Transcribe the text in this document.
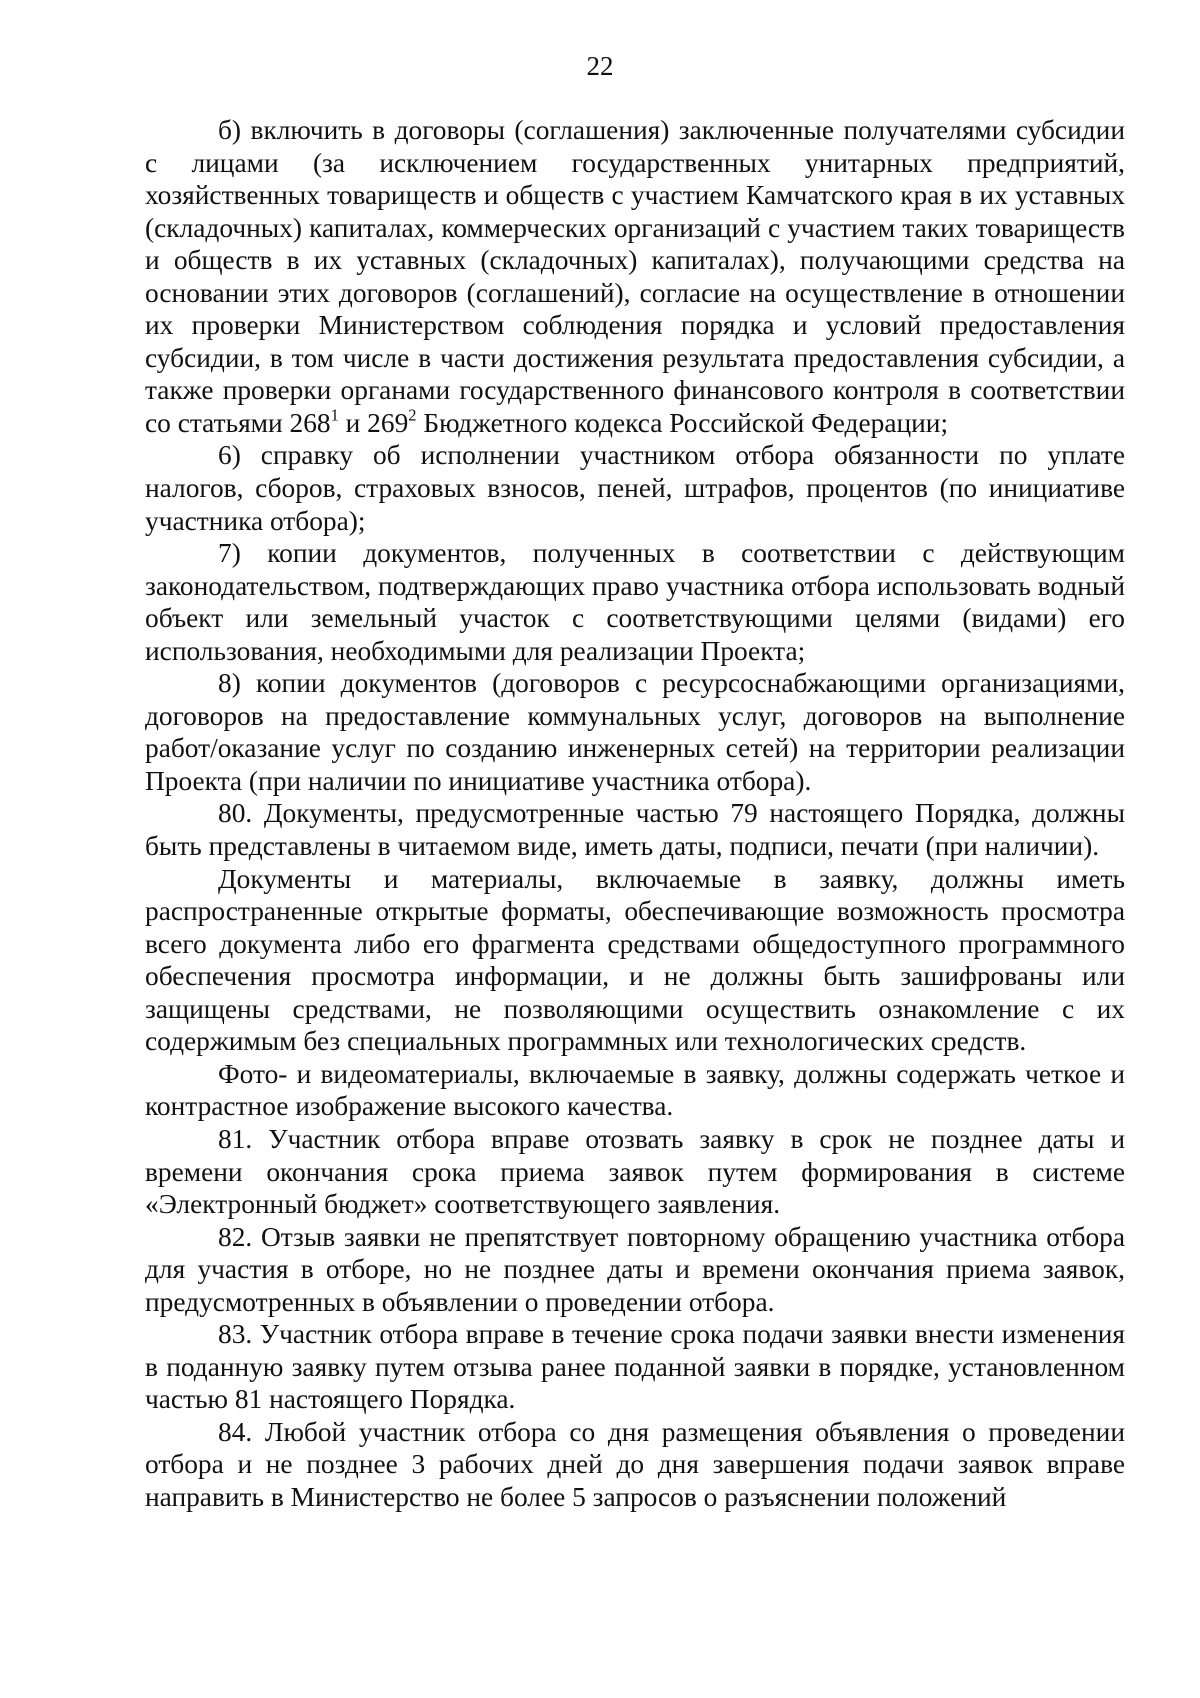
22

б) включить в договоры (соглашения) заключенные получателями субсидии с лицами (за исключением государственных унитарных предприятий, хозяйственных товариществ и обществ с участием Камчатского края в их уставных (складочных) капиталах, коммерческих организаций с участием таких товариществ и обществ в их уставных (складочных) капиталах), получающими средства на основании этих договоров (соглашений), согласие на осуществление в отношении их проверки Министерством соблюдения порядка и условий предоставления субсидии, в том числе в части достижения результата предоставления субсидии, а также проверки органами государственного финансового контроля в соответствии со статьями $268^1$ и $269^2$ Бюджетного кодекса Российской Федерации;

6) справку об исполнении участником отбора обязанности по уплате налогов, сборов, страховых взносов, пеней, штрафов, процентов (по инициативе участника отбора);

7) копии документов, полученных в соответствии с действующим законодательством, подтверждающих право участника отбора использовать водный объект или земельный участок с соответствующими целями (видами) его использования, необходимыми для реализации Проекта;

8) копии документов (договоров с ресурсоснабжающими организациями, договоров на предоставление коммунальных услуг, договоров на выполнение работ/оказание услуг по созданию инженерных сетей) на территории реализации Проекта (при наличии по инициативе участника отбора).

80. Документы, предусмотренные частью 79 настоящего Порядка, должны быть представлены в читаемом виде, иметь даты, подписи, печати (при наличии).

Документы и материалы, включаемые в заявку, должны иметь распространенные открытые форматы, обеспечивающие возможность просмотра всего документа либо его фрагмента средствами общедоступного программного обеспечения просмотра информации, и не должны быть зашифрованы или защищены средствами, не позволяющими осуществить ознакомление с их содержимым без специальных программных или технологических средств.

Фото- и видеоматериалы, включаемые в заявку, должны содержать четкое и контрастное изображение высокого качества.

81. Участник отбора вправе отозвать заявку в срок не позднее даты и времени окончания срока приема заявок путем формирования в системе «Электронный бюджет» соответствующего заявления.

82. Отзыв заявки не препятствует повторному обращению участника отбора для участия в отборе, но не позднее даты и времени окончания приема заявок, предусмотренных в объявлении о проведении отбора.

83. Участник отбора вправе в течение срока подачи заявки внести изменения в поданную заявку путем отзыва ранее поданной заявки в порядке, установленном частью 81 настоящего Порядка.

84. Любой участник отбора со дня размещения объявления о проведении отбора и не позднее 3 рабочих дней до дня завершения подачи заявок вправе направить в Министерство не более 5 запросов о разъяснении положений
